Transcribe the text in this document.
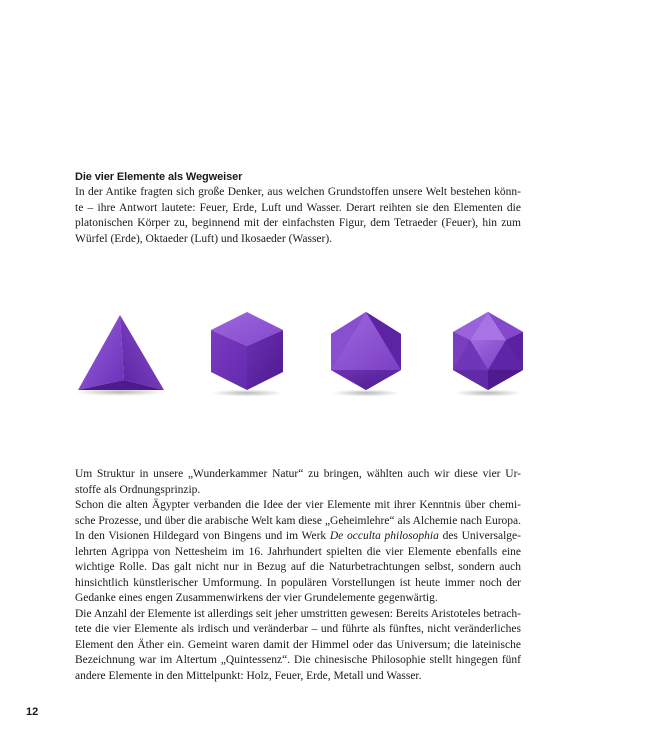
Die vier Elemente als Wegweiser
In der Antike fragten sich große Denker, aus welchen Grundstoffen unsere Welt bestehen könn-
te – ihre Antwort lautete: Feuer, Erde, Luft und Wasser. Derart reihten sie den Elementen die
platonischen Körper zu, beginnend mit der einfachsten Figur, dem Tetraeder (Feuer), hin zum
Würfel (Erde), Oktaeder (Luft) und Ikosaeder (Wasser).
Um Struktur in unsere „Wunderkammer Natur“ zu bringen, wählten auch wir diese vier Ur-
stoffe als Ordnungsprinzip.
Schon die alten Ägypter verbanden die Idee der vier Elemente mit ihrer Kenntnis über chemi-
sche Prozesse, und über die arabische Welt kam diese „Geheimlehre“ als Alchemie nach Europa.
In den Visionen Hildegard von Bingens und im Werk De occulta philosophia des Universalge-
lehrten Agrippa von Nettesheim im 16. Jahrhundert spielten die vier Elemente ebenfalls eine
wichtige Rolle. Das galt nicht nur in Bezug auf die Naturbetrachtungen selbst, sondern auch
hinsichtlich künstlerischer Umformung. In populären Vorstellungen ist heute immer noch der
Gedanke eines engen Zusammenwirkens der vier Grundelemente gegenwärtig.
Die Anzahl der Elemente ist allerdings seit jeher umstritten gewesen: Bereits Aristoteles betrach-
tete die vier Elemente als irdisch und veränderbar – und führte als fünftes, nicht veränderliches
Element den Äther ein. Gemeint waren damit der Himmel oder das Universum; die lateinische
Bezeichnung war im Altertum „Quintessenz“. Die chinesische Philosophie stellt hingegen fünf
andere Elemente in den Mittelpunkt: Holz, Feuer, Erde, Metall und Wasser.
12
